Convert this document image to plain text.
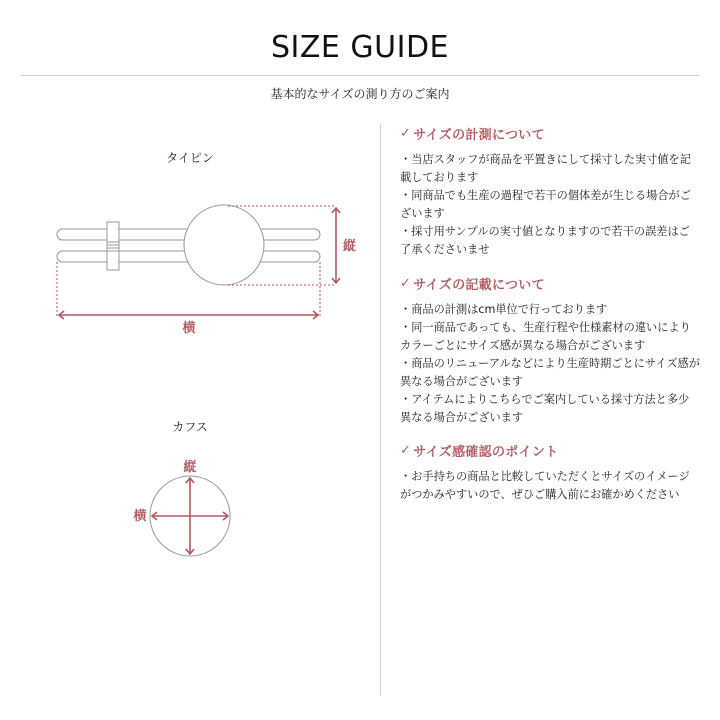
SIZE GUIDE
基本的なサイズの測り方のご案内
タイピン
縦
横
カフス
縦
横
✓ サイズの計測について
・当店スタッフが商品を平置きにして採寸した実寸値を記載しております
・同商品でも生産の過程で若干の個体差が生じる場合がございます
・採寸用サンプルの実寸値となりますので若干の誤差はご了承くださいませ
✓ サイズの記載について
・商品の計測はcm単位で行っております
・同一商品であっても、生産行程や仕様素材の違いによりカラーごとにサイズ感が異なる場合がございます
・商品のリニューアルなどにより生産時期ごとにサイズ感が異なる場合がございます
・アイテムによりこちらでご案内している採寸方法と多少異なる場合がございます
✓ サイズ感確認のポイント
・お手持ちの商品と比較していただくとサイズのイメージがつかみやすいので、ぜひご購入前にお確かめください
